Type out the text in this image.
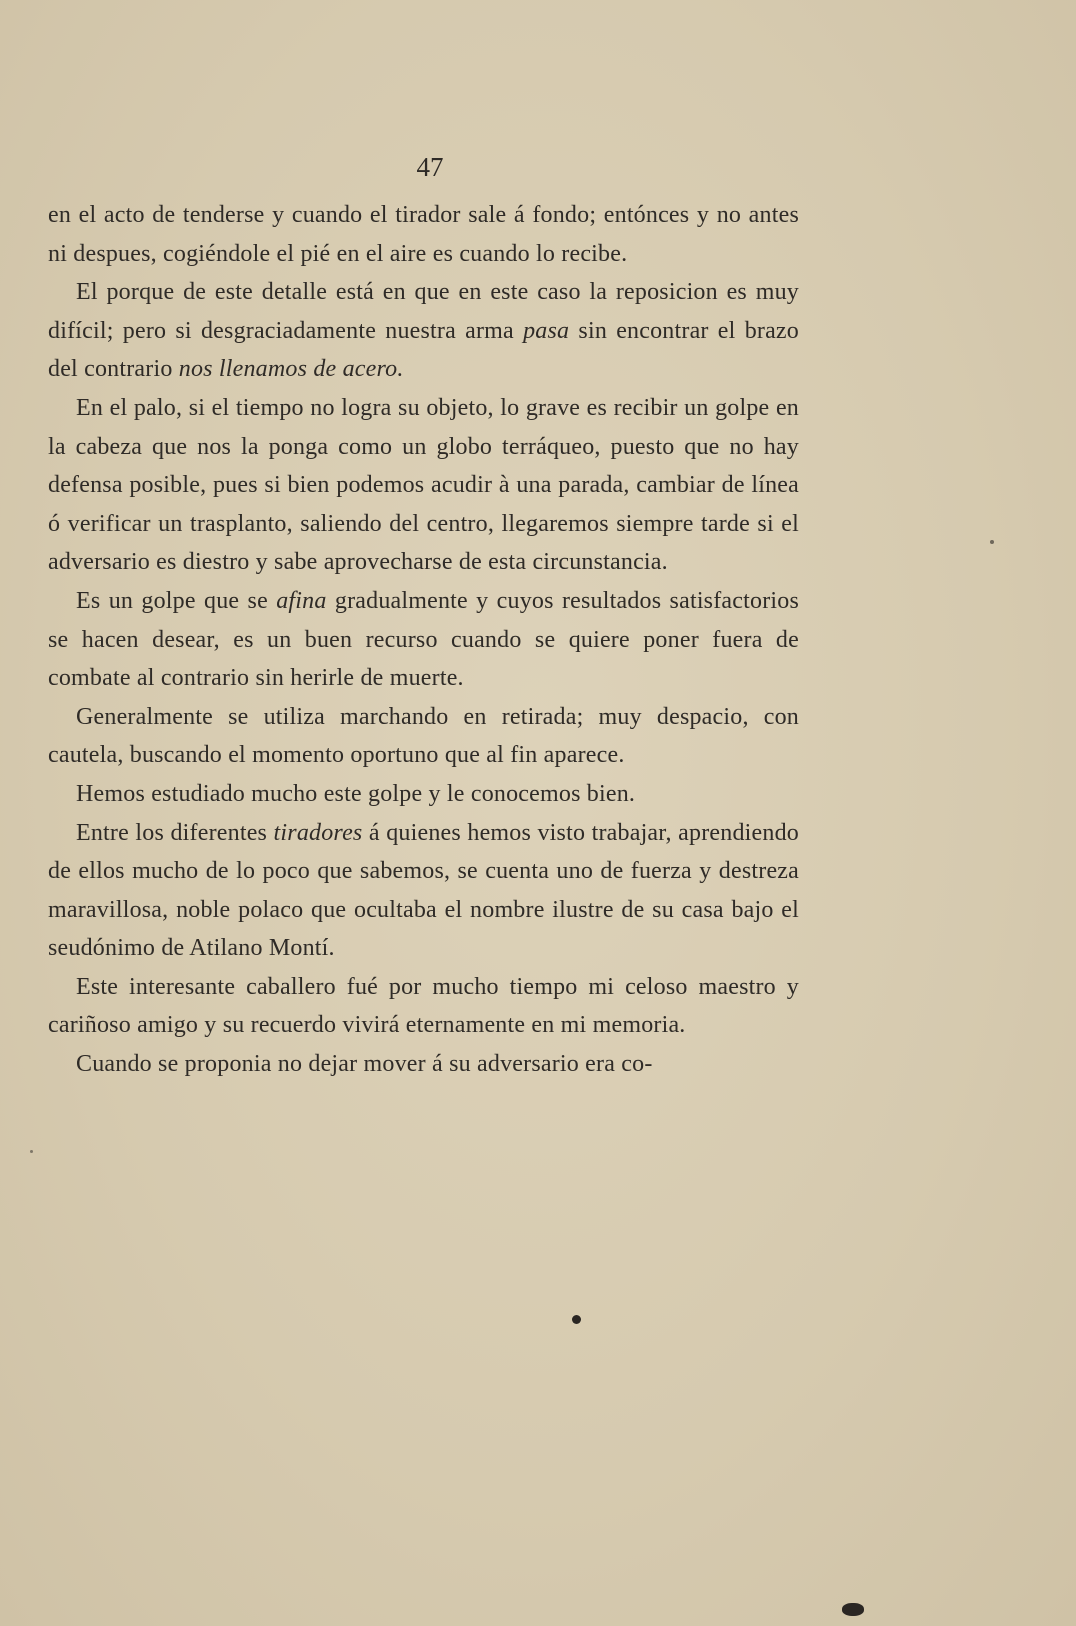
47

en el acto de tenderse y cuando el tirador sale á fondo; entónces y no antes ni despues, cogiéndole el pié en el aire es cuando lo recibe.

El porque de este detalle está en que en este caso la reposicion es muy difícil; pero si desgraciadamente nuestra arma pasa sin encontrar el brazo del contrario nos llenamos de acero.

En el palo, si el tiempo no logra su objeto, lo grave es recibir un golpe en la cabeza que nos la ponga como un globo terráqueo, puesto que no hay defensa posible, pues si bien podemos acudir à una parada, cambiar de línea ó verificar un trasplanto, saliendo del centro, llegaremos siempre tarde si el adversario es diestro y sabe aprovecharse de esta circunstancia.

Es un golpe que se afina gradualmente y cuyos resultados satisfactorios se hacen desear, es un buen recurso cuando se quiere poner fuera de combate al contrario sin herirle de muerte.

Generalmente se utiliza marchando en retirada; muy despacio, con cautela, buscando el momento oportuno que al fin aparece.

Hemos estudiado mucho este golpe y le conocemos bien.

Entre los diferentes tiradores á quienes hemos visto trabajar, aprendiendo de ellos mucho de lo poco que sabemos, se cuenta uno de fuerza y destreza maravillosa, noble polaco que ocultaba el nombre ilustre de su casa bajo el seudónimo de Atilano Montí.

Este interesante caballero fué por mucho tiempo mi celoso maestro y cariñoso amigo y su recuerdo vivirá eternamente en mi memoria.

Cuando se proponia no dejar mover á su adversario era co-
